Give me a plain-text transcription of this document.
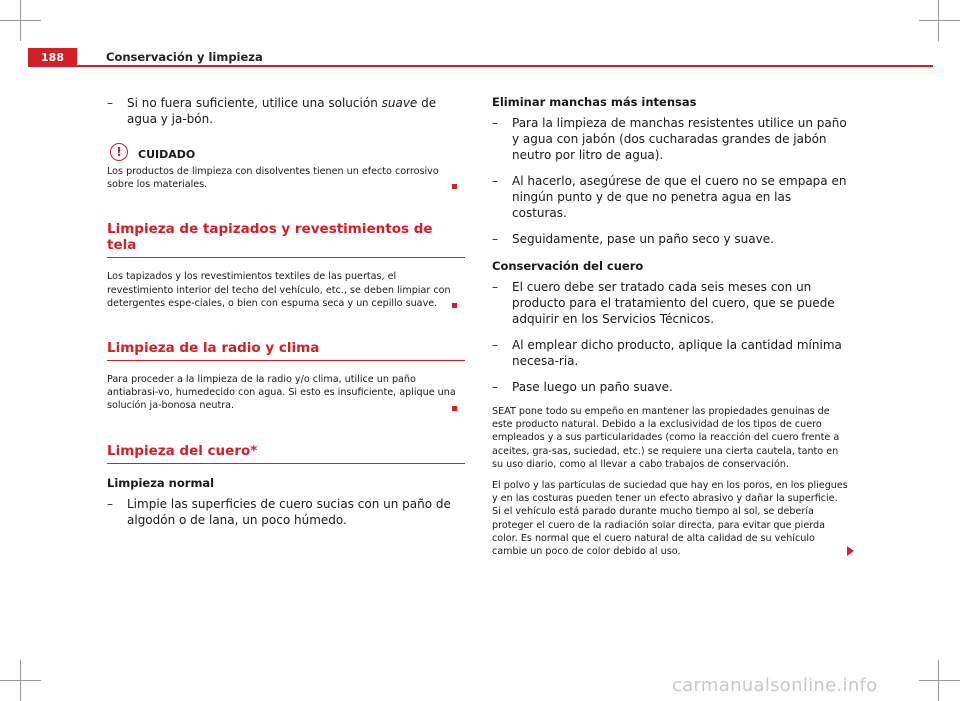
188	Conservación y limpieza
– Si no fuera suficiente, utilice una solución suave de agua y ja-bón.
!	CUIDADO
Los productos de limpieza con disolventes tienen un efecto corrosivo sobre los materiales.
Limpieza de tapizados y revestimientos de tela
Los tapizados y los revestimientos textiles de las puertas, el revestimiento interior del techo del vehículo, etc., se deben limpiar con detergentes espe-ciales, o bien con espuma seca y un cepillo suave.
Limpieza de la radio y clima
Para proceder a la limpieza de la radio y/o clima, utilice un paño antiabrasi-vo, humedecido con agua. Si esto es insuficiente, aplique una solución ja-bonosa neutra.
Limpieza del cuero*
Limpieza normal
– Limpie las superficies de cuero sucias con un paño de algodón o de lana, un poco húmedo.
Eliminar manchas más intensas
– Para la limpieza de manchas resistentes utilice un paño y agua con jabón (dos cucharadas grandes de jabón neutro por litro de agua).
– Al hacerlo, asegúrese de que el cuero no se empapa en ningún punto y de que no penetra agua en las costuras.
– Seguidamente, pase un paño seco y suave.
Conservación del cuero
– El cuero debe ser tratado cada seis meses con un producto para el tratamiento del cuero, que se puede adquirir en los Servicios Técnicos.
– Al emplear dicho producto, aplique la cantidad mínima necesa-ria.
– Pase luego un paño suave.
SEAT pone todo su empeño en mantener las propiedades genuinas de este producto natural. Debido a la exclusividad de los tipos de cuero empleados y a sus particularidades (como la reacción del cuero frente a aceites, gra-sas, suciedad, etc.) se requiere una cierta cautela, tanto en su uso diario, como al llevar a cabo trabajos de conservación.
El polvo y las partículas de suciedad que hay en los poros, en los pliegues y en las costuras pueden tener un efecto abrasivo y dañar la superficie. Si el vehículo está parado durante mucho tiempo al sol, se debería proteger el cuero de la radiación solar directa, para evitar que pierda color. Es normal que el cuero natural de alta calidad de su vehículo cambie un poco de color debido al uso.
carmanualsonline.info
